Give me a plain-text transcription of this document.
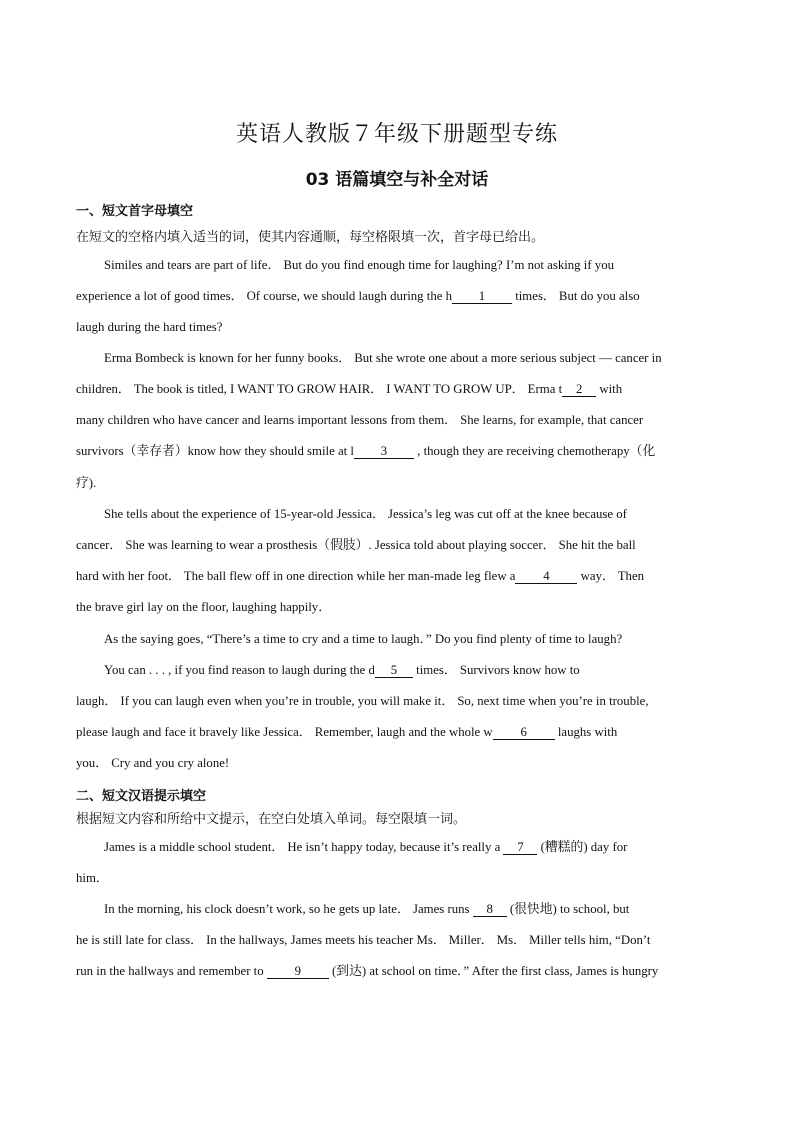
英语人教版７年级下册题型专练
03 语篇填空与补全对话
一、短文首字母填空
在短文的空格内填入适当的词，使其内容通顺，每空格限填一次，首字母已给出。
Similes and tears are part of life． But do you find enough time for laughing? I’m not asking if you
experience a lot of good times． Of course, we should laugh during the h 1 times． But do you also
laugh during the hard times?
Erma Bombeck is known for her funny books． But she wrote one about a more serious subject — cancer in
children． The book is titled, I WANT TO GROW HAIR． I WANT TO GROW UP． Erma t 2 with
many children who have cancer and learns important lessons from them． She learns, for example, that cancer
survivors（幸存者）know how they should smile at l 3 , though they are receiving chemotherapy（化
疗).
She tells about the experience of 15-year-old Jessica． Jessica’s leg was cut off at the knee because of
cancer． She was learning to wear a prosthesis（假肢）. Jessica told about playing soccer． She hit the ball
hard with her foot． The ball flew off in one direction while her man-made leg flew a 4 way． Then
the brave girl lay on the floor, laughing happily．
As the saying goes, “There’s a time to cry and a time to laugh．” Do you find plenty of time to laugh?
You can . . . , if you find reason to laugh during the d 5 times． Survivors know how to
laugh． If you can laugh even when you’re in trouble, you will make it． So, next time when you’re in trouble,
please laugh and face it bravely like Jessica． Remember, laugh and the whole w 6 laughs with
you． Cry and you cry alone!
二、短文汉语提示填空
根据短文内容和所给中文提示，在空白处填入单词。每空限填一词。
James is a middle school student． He isn’t happy today, because it’s really a 7 (糟糕的) day for
him．
In the morning, his clock doesn’t work, so he gets up late． James runs 8 (很快地) to school, but
he is still late for class． In the hallways, James meets his teacher Ms． Miller． Ms． Miller tells him, “Don’t
run in the hallways and remember to 9 (到达) at school on time．” After the first class, James is hungry
